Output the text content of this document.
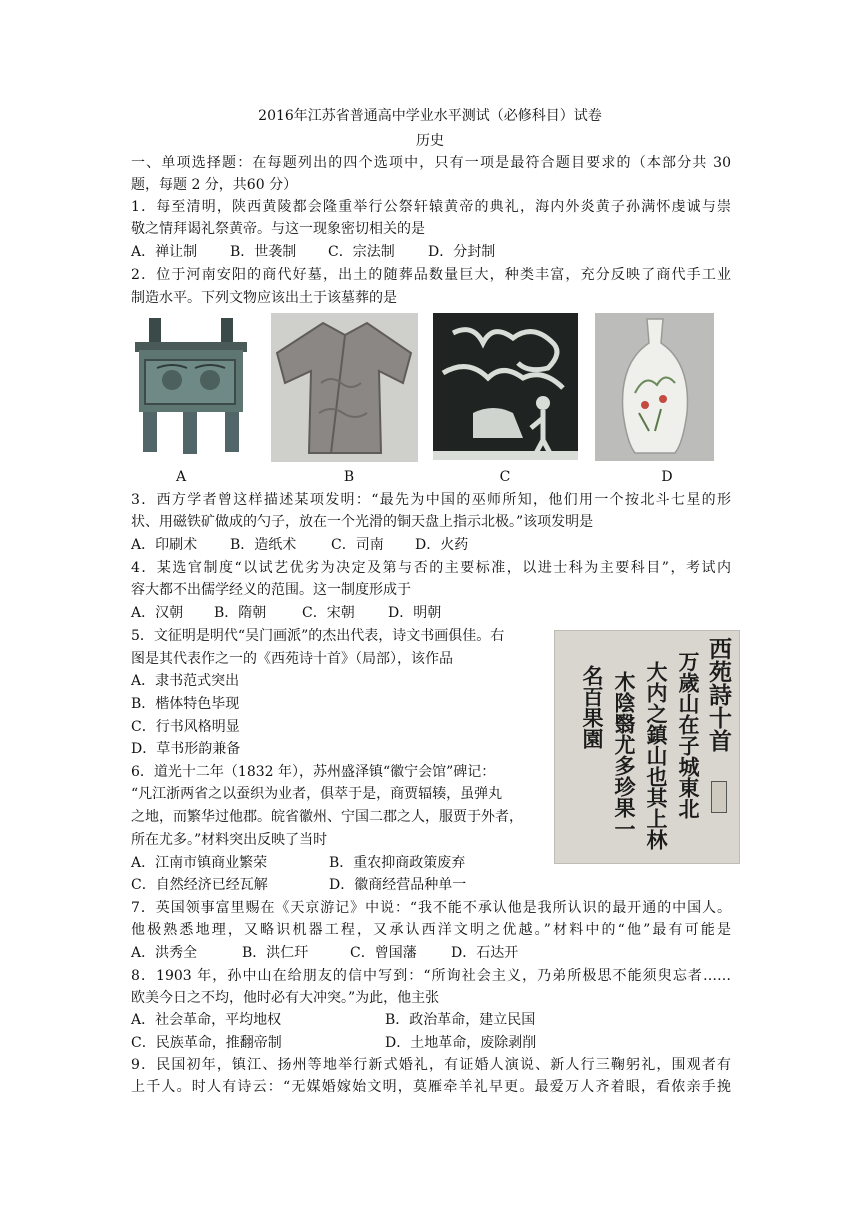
2016年江苏省普通高中学业水平测试（必修科目）试卷
历史
一、单项选择题：在每题列出的四个选项中，只有一项是最符合题目要求的（本部分共 30
题，每题 2 分，共60 分）
1．每至清明，陕西黄陵都会隆重举行公祭轩辕黄帝的典礼，海内外炎黄子孙满怀虔诚与崇
敬之情拜谒礼祭黄帝。与这一现象密切相关的是
A．禅让制 B．世袭制 C．宗法制 D．分封制
2．位于河南安阳的商代好墓，出土的随葬品数量巨大，种类丰富，充分反映了商代手工业
制造水平。下列文物应该出土于该墓葬的是
A	B	C	D
3．西方学者曾这样描述某项发明：“最先为中国的巫师所知，他们用一个按北斗七星的形
状、用磁铁矿做成的勺子，放在一个光滑的铜天盘上指示北极。”该项发明是
A．印刷术 B．造纸术 C．司南 D．火药
4．某选官制度“以试艺优劣为决定及第与否的主要标准，以进士科为主要科目”，考试内
容大都不出儒学经义的范围。这一制度形成于
A．汉朝 B．隋朝	C．宋朝 D．明朝
5．文征明是明代“吴门画派”的杰出代表，诗文书画俱佳。右
图是其代表作之一的《西苑诗十首》（局部），该作品
A．隶书范式突出
B．楷体特色毕现
C．行书风格明显
D．草书形韵兼备	西苑詩十首
万歲山在子城東北
大内之鎮山也其上林
木陰翳尤多珍果一
名百果園
6．道光十二年（1832 年），苏州盛泽镇“徽宁会馆”碑记：
“凡江浙两省之以蚕织为业者，俱萃于是，商贾辐辏，虽弹丸
之地，而繁华过他郡。皖省徽州、宁国二郡之人，服贾于外者，
所在尤多。”材料突出反映了当时
A．江南市镇商业繁荣	B．重农抑商政策废弃
C．自然经济已经瓦解	D．徽商经营品种单一
7．英国领事富里赐在《天京游记》中说：“我不能不承认他是我所认识的最开通的中国人。
他极熟悉地理，又略识机器工程，又承认西洋文明之优越。”材料中的“他”最有可能是
A．洪秀全	B．洪仁玕	C．曾国藩 D．石达开
8．1903 年，孙中山在给朋友的信中写到：“所询社会主义，乃弟所极思不能须臾忘者……
欧美今日之不均，他时必有大冲突。”为此，他主张
A．社会革命，平均地权	B．政治革命，建立民国
C．民族革命，推翻帝制	D．土地革命，废除剥削
9．民国初年，镇江、扬州等地举行新式婚礼，有证婚人演说、新人行三鞠躬礼，围观者有
上千人。时人有诗云：“无媒婚嫁始文明，莫雁牵羊礼早更。最爱万人齐着眼，看侬亲手挽
